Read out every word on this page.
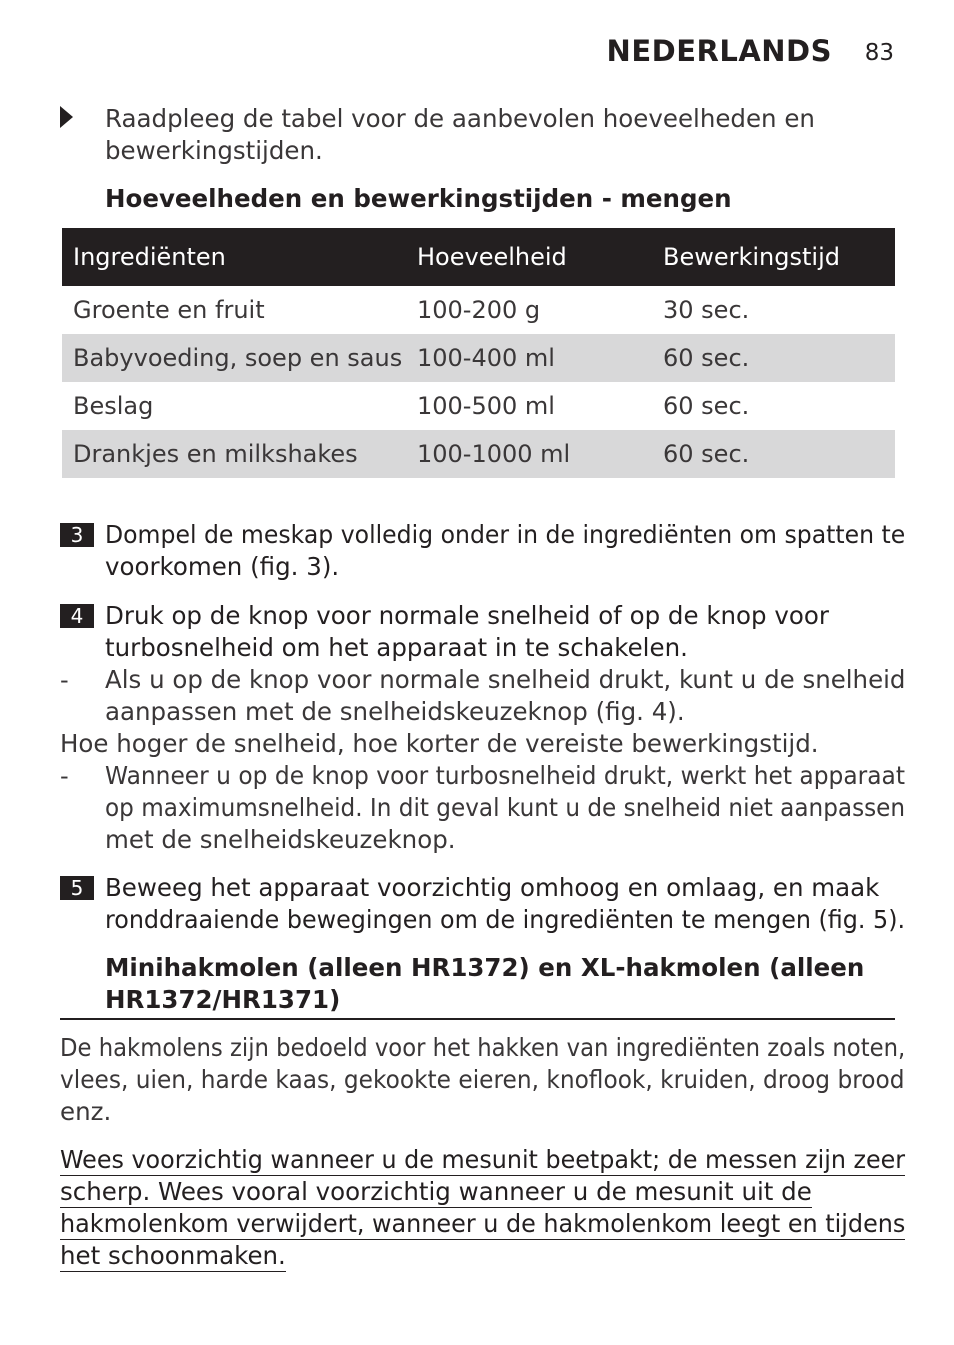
NEDERLANDS 83
Raadpleeg de tabel voor de aanbevolen hoeveelheden en
bewerkingstijden.
Hoeveelheden en bewerkingstijden - mengen
Ingrediënten	Hoeveelheid	Bewerkingstijd
Groente en fruit	100-200 g	30 sec.
Babyvoeding, soep en saus	100-400 ml	60 sec.
Beslag	100-500 ml	60 sec.
Drankjes en milkshakes	100-1000 ml	60 sec.
3 Dompel de meskap volledig onder in de ingrediënten om spatten te
voorkomen (fig. 3).
4 Druk op de knop voor normale snelheid of op de knop voor
turbosnelheid om het apparaat in te schakelen.
- Als u op de knop voor normale snelheid drukt, kunt u de snelheid
aanpassen met de snelheidskeuzeknop (fig. 4).
Hoe hoger de snelheid, hoe korter de vereiste bewerkingstijd.
- Wanneer u op de knop voor turbosnelheid drukt, werkt het apparaat
op maximumsnelheid. In dit geval kunt u de snelheid niet aanpassen
met de snelheidskeuzeknop.
5 Beweeg het apparaat voorzichtig omhoog en omlaag, en maak
ronddraaiende bewegingen om de ingrediënten te mengen (fig. 5).
Minihakmolen (alleen HR1372) en XL-hakmolen (alleen
HR1372/HR1371)
De hakmolens zijn bedoeld voor het hakken van ingrediënten zoals noten,
vlees, uien, harde kaas, gekookte eieren, knoflook, kruiden, droog brood
enz.
Wees voorzichtig wanneer u de mesunit beetpakt; de messen zijn zeer
scherp. Wees vooral voorzichtig wanneer u de mesunit uit de
hakmolenkom verwijdert, wanneer u de hakmolenkom leegt en tijdens
het schoonmaken.
